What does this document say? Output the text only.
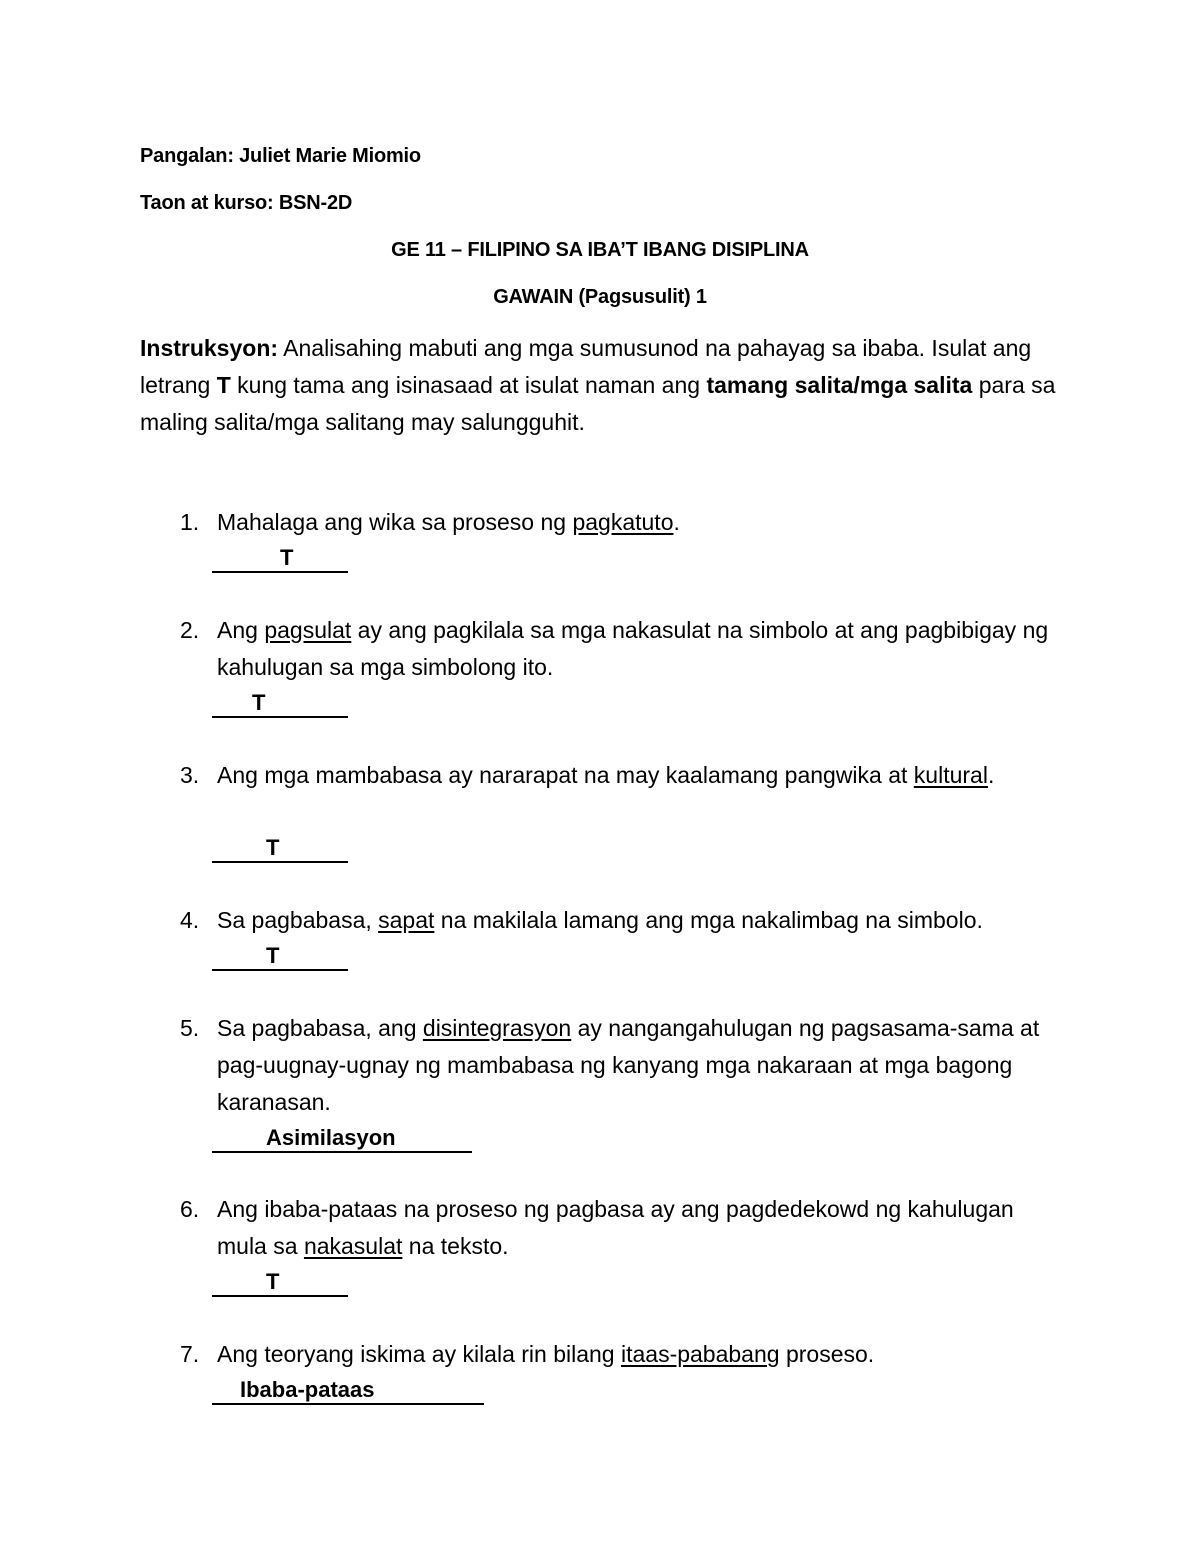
Pangalan: Juliet Marie Miomio
Taon at kurso: BSN-2D
GE 11 – FILIPINO SA IBA’T IBANG DISIPLINA
GAWAIN (Pagsusulit) 1
Instruksyon: Analisahing mabuti ang mga sumusunod na pahayag sa ibaba. Isulat ang letrang T kung tama ang isinasaad at isulat naman ang tamang salita/mga salita para sa maling salita/mga salitang may salungguhit.
1. Mahalaga ang wika sa proseso ng pagkatuto.
T
2. Ang pagsulat ay ang pagkilala sa mga nakasulat na simbolo at ang pagbibigay ng kahulugan sa mga simbolong ito.
T
3. Ang mga mambabasa ay nararapat na may kaalamang pangwika at kultural.
T
4. Sa pagbabasa, sapat na makilala lamang ang mga nakalimbag na simbolo.
T
5. Sa pagbabasa, ang disintegrasyon ay nangangahulugan ng pagsasama-sama at pag-uugnay-ugnay ng mambabasa ng kanyang mga nakaraan at mga bagong karanasan.
Asimilasyon
6. Ang ibaba-pataas na proseso ng pagbasa ay ang pagdedekowd ng kahulugan mula sa nakasulat na teksto.
T
7. Ang teoryang iskima ay kilala rin bilang itaas-pababang proseso.
Ibaba-pataas
